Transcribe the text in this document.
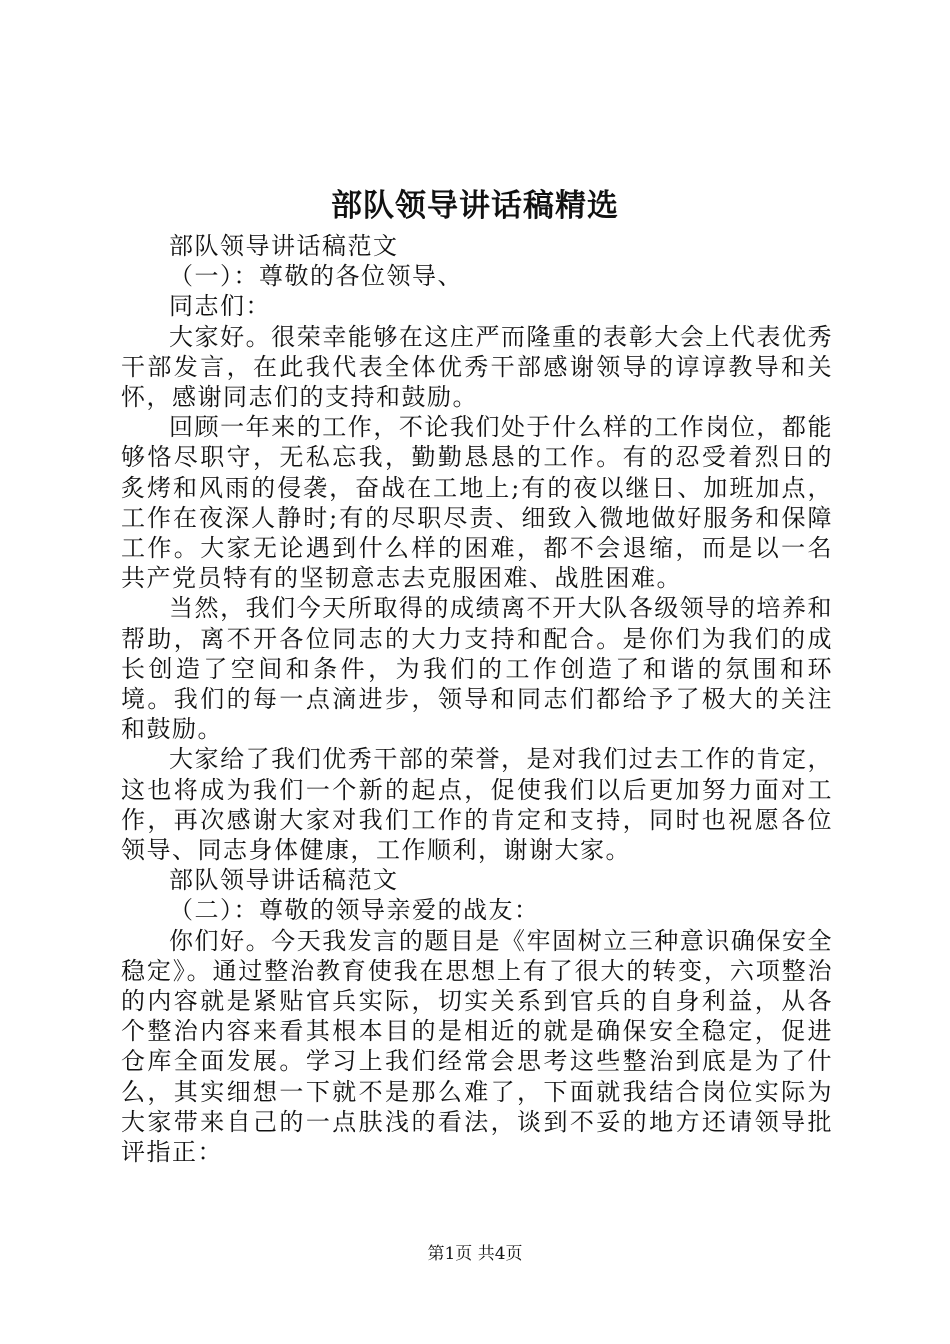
部队领导讲话稿精选

部队领导讲话稿范文

（一）：尊敬的各位领导、

同志们：

大家好。很荣幸能够在这庄严而隆重的表彰大会上代表优秀干部发言，在此我代表全体优秀干部感谢领导的谆谆教导和关怀，感谢同志们的支持和鼓励。

回顾一年来的工作，不论我们处于什么样的工作岗位，都能够恪尽职守，无私忘我，勤勤恳恳的工作。有的忍受着烈日的炙烤和风雨的侵袭，奋战在工地上;有的夜以继日、加班加点，工作在夜深人静时;有的尽职尽责、细致入微地做好服务和保障工作。大家无论遇到什么样的困难，都不会退缩，而是以一名共产党员特有的坚韧意志去克服困难、战胜困难。

当然，我们今天所取得的成绩离不开大队各级领导的培养和帮助，离不开各位同志的大力支持和配合。是你们为我们的成长创造了空间和条件，为我们的工作创造了和谐的氛围和环境。我们的每一点滴进步，领导和同志们都给予了极大的关注和鼓励。

大家给了我们优秀干部的荣誉，是对我们过去工作的肯定，这也将成为我们一个新的起点，促使我们以后更加努力面对工作，再次感谢大家对我们工作的肯定和支持，同时也祝愿各位领导、同志身体健康，工作顺利，谢谢大家。

部队领导讲话稿范文

（二）：尊敬的领导亲爱的战友：

你们好。今天我发言的题目是《牢固树立三种意识确保安全稳定》。通过整治教育使我在思想上有了很大的转变，六项整治的内容就是紧贴官兵实际，切实关系到官兵的自身利益，从各个整治内容来看其根本目的是相近的就是确保安全稳定，促进仓库全面发展。学习上我们经常会思考这些整治到底是为了什么，其实细想一下就不是那么难了，下面就我结合岗位实际为大家带来自己的一点肤浅的看法，谈到不妥的地方还请领导批评指正：

第1页 共4页
